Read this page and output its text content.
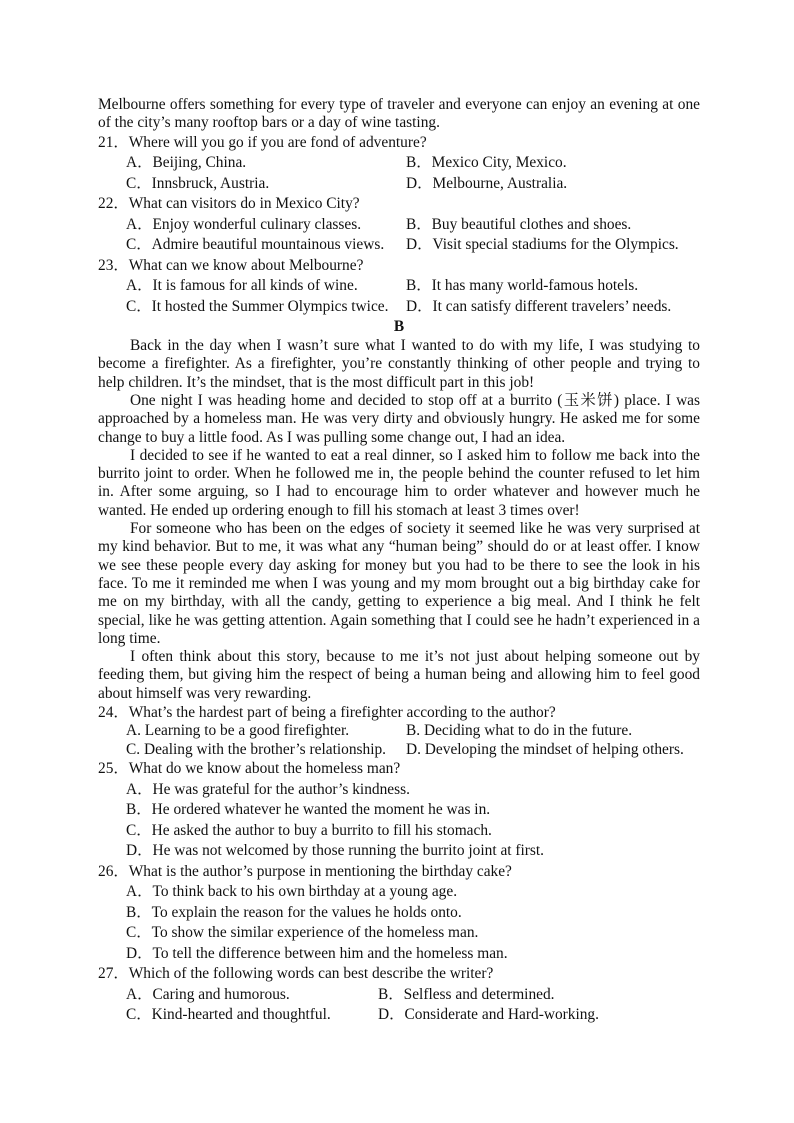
Melbourne offers something for every type of traveler and everyone can enjoy an evening at one of the city’s many rooftop bars or a day of wine tasting.

21．Where will you go if you are fond of adventure?
A．Beijing, China.	B．Mexico City, Mexico.
C．Innsbruck, Austria.	D．Melbourne, Australia.
22．What can visitors do in Mexico City?
A．Enjoy wonderful culinary classes.	B．Buy beautiful clothes and shoes.
C．Admire beautiful mountainous views.	D．Visit special stadiums for the Olympics.
23．What can we know about Melbourne?
A．It is famous for all kinds of wine.	B．It has many world-famous hotels.
C．It hosted the Summer Olympics twice.	D．It can satisfy different travelers’ needs.
B

Back in the day when I wasn’t sure what I wanted to do with my life, I was studying to become a firefighter. As a firefighter, you’re constantly thinking of other people and trying to help children. It’s the mindset, that is the most difficult part in this job!

One night I was heading home and decided to stop off at a burrito (玉米饼) place. I was approached by a homeless man. He was very dirty and obviously hungry. He asked me for some change to buy a little food. As I was pulling some change out, I had an idea.

I decided to see if he wanted to eat a real dinner, so I asked him to follow me back into the burrito joint to order. When he followed me in, the people behind the counter refused to let him in. After some arguing, so I had to encourage him to order whatever and however much he wanted. He ended up ordering enough to fill his stomach at least 3 times over!

For someone who has been on the edges of society it seemed like he was very surprised at my kind behavior. But to me, it was what any “human being” should do or at least offer. I know we see these people every day asking for money but you had to be there to see the look in his face. To me it reminded me when I was young and my mom brought out a big birthday cake for me on my birthday, with all the candy, getting to experience a big meal. And I think he felt special, like he was getting attention. Again something that I could see he hadn’t experienced in a long time.

I often think about this story, because to me it’s not just about helping someone out by feeding them, but giving him the respect of being a human being and allowing him to feel good about himself was very rewarding.

24．What’s the hardest part of being a firefighter according to the author?
A. Learning to be a good firefighter.	B. Deciding what to do in the future.
C. Dealing with the brother’s relationship.	D. Developing the mindset of helping others.
25．What do we know about the homeless man?
A．He was grateful for the author’s kindness.
B．He ordered whatever he wanted the moment he was in.
C．He asked the author to buy a burrito to fill his stomach.
D．He was not welcomed by those running the burrito joint at first.
26．What is the author’s purpose in mentioning the birthday cake?
A．To think back to his own birthday at a young age.
B．To explain the reason for the values he holds onto.
C．To show the similar experience of the homeless man.
D．To tell the difference between him and the homeless man.
27．Which of the following words can best describe the writer?
A．Caring and humorous.	B．Selfless and determined.
C．Kind-hearted and thoughtful.	D．Considerate and Hard-working.
